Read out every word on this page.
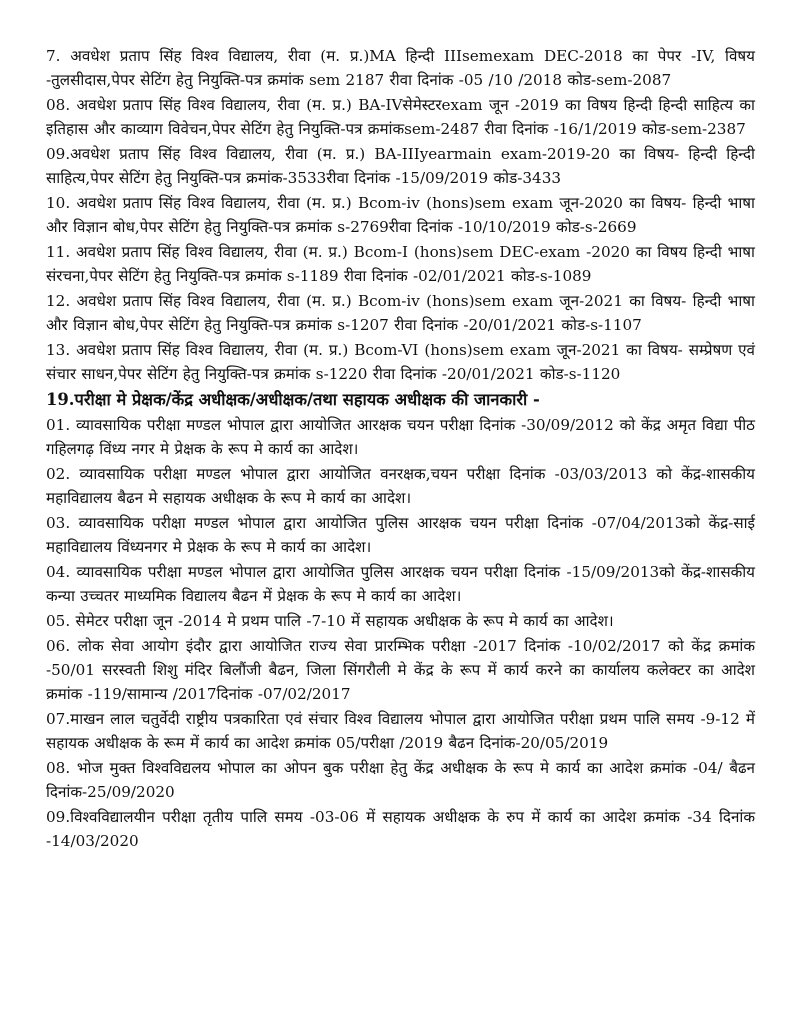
7. अवधेश प्रताप सिंह विश्व विद्यालय, रीवा (म. प्र.)MA हिन्दी IIIsemexam DEC-2018 का पेपर -IV, विषय -तुलसीदास,पेपर सेटिंग हेतु नियुक्ति-पत्र क्रमांक sem 2187 रीवा दिनांक -05 /10 /2018 कोड-sem-2087

08. अवधेश प्रताप सिंह विश्व विद्यालय, रीवा (म. प्र.) BA-IVसेमेस्टरexam जून -2019 का विषय हिन्दी हिन्दी साहित्य का इतिहास और काव्याग विवेचन,पेपर सेटिंग हेतु नियुक्ति-पत्र क्रमांकsem-2487 रीवा दिनांक -16/1/2019 कोड-sem-2387

09.अवधेश प्रताप सिंह विश्व विद्यालय, रीवा (म. प्र.) BA-IIIyearmain exam-2019-20 का विषय- हिन्दी हिन्दी साहित्य,पेपर सेटिंग हेतु नियुक्ति-पत्र क्रमांक-3533रीवा दिनांक -15/09/2019 कोड-3433

10. अवधेश प्रताप सिंह विश्व विद्यालय, रीवा (म. प्र.) Bcom-iv (hons)sem exam जून-2020 का विषय- हिन्दी भाषा और विज्ञान बोध,पेपर सेटिंग हेतु नियुक्ति-पत्र क्रमांक s-2769रीवा दिनांक -10/10/2019 कोड-s-2669

11. अवधेश प्रताप सिंह विश्व विद्यालय, रीवा (म. प्र.) Bcom-I (hons)sem DEC-exam -2020 का विषय हिन्दी भाषा संरचना,पेपर सेटिंग हेतु नियुक्ति-पत्र क्रमांक s-1189 रीवा दिनांक -02/01/2021 कोड-s-1089

12. अवधेश प्रताप सिंह विश्व विद्यालय, रीवा (म. प्र.) Bcom-iv (hons)sem exam जून-2021 का विषय- हिन्दी भाषा और विज्ञान बोध,पेपर सेटिंग हेतु नियुक्ति-पत्र क्रमांक s-1207 रीवा दिनांक -20/01/2021 कोड-s-1107

13. अवधेश प्रताप सिंह विश्व विद्यालय, रीवा (म. प्र.) Bcom-VI (hons)sem exam जून-2021 का विषय- सम्प्रेषण एवं संचार साधन,पेपर सेटिंग हेतु नियुक्ति-पत्र क्रमांक s-1220 रीवा दिनांक -20/01/2021 कोड-s-1120

19.परीक्षा मे प्रेक्षक/केंद्र अधीक्षक/अधीक्षक/तथा सहायक अधीक्षक की जानकारी -

01. व्यावसायिक परीक्षा मण्डल भोपाल द्वारा आयोजित आरक्षक चयन परीक्षा दिनांक -30/09/2012 को केंद्र अमृत विद्या पीठ गहिलगढ़ विंध्य नगर मे प्रेक्षक के रूप मे कार्य का आदेश।

02. व्यावसायिक परीक्षा मण्डल भोपाल द्वारा आयोजित वनरक्षक,चयन परीक्षा दिनांक -03/03/2013 को केंद्र-शासकीय महाविद्यालय बैढन मे सहायक अधीक्षक के रूप मे कार्य का आदेश।

03. व्यावसायिक परीक्षा मण्डल भोपाल द्वारा आयोजित पुलिस आरक्षक चयन परीक्षा दिनांक -07/04/2013को केंद्र-साई महाविद्यालय विंध्यनगर मे प्रेक्षक के रूप मे कार्य का आदेश।

04. व्यावसायिक परीक्षा मण्डल भोपाल द्वारा आयोजित पुलिस आरक्षक चयन परीक्षा दिनांक -15/09/2013को केंद्र-शासकीय कन्या उच्चतर माध्यमिक विद्यालय बैढन में प्रेक्षक के रूप मे कार्य का आदेश।

05. सेमेटर परीक्षा जून -2014 मे प्रथम पालि -7-10 में सहायक अधीक्षक के रूप मे कार्य का आदेश।

06. लोक सेवा आयोग इंदौर द्वारा आयोजित राज्य सेवा प्रारम्भिक परीक्षा -2017 दिनांक -10/02/2017 को केंद्र क्रमांक -50/01 सरस्वती शिशु मंदिर बिलौंजी बैढन, जिला सिंगरौली मे केंद्र के रूप में कार्य करने का कार्यालय कलेक्टर का आदेश क्रमांक -119/सामान्य /2017दिनांक -07/02/2017

07.माखन लाल चतुर्वेदी राष्ट्रीय पत्रकारिता एवं संचार विश्व विद्यालय भोपाल द्वारा आयोजित परीक्षा प्रथम पालि समय -9-12 में सहायक अधीक्षक के रूम में कार्य का आदेश क्रमांक 05/परीक्षा /2019 बैढन दिनांक-20/05/2019

08. भोज मुक्त विश्वविद्यलय भोपाल का ओपन बुक परीक्षा हेतु केंद्र अधीक्षक के रूप मे कार्य का आदेश क्रमांक -04/ बैढन दिनांक-25/09/2020

09.विश्वविद्यालयीन परीक्षा तृतीय पालि समय -03-06 में सहायक अधीक्षक के रुप में कार्य का आदेश क्रमांक -34 दिनांक -14/03/2020
